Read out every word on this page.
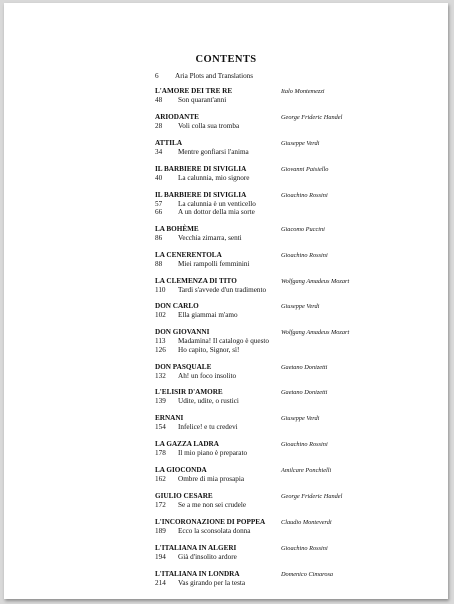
CONTENTS
6 Aria Plots and Translations
L'AMORE DEI TRE RE	Italo Montemezzi
48 Son quarant'anni
ARIODANTE	George Frideric Handel
28 Voli colla sua tromba
ATTILA	Giuseppe Verdi
34 Mentre gonfiarsi l'anima
IL BARBIERE DI SIVIGLIA	Giovanni Paisiello
40 La calunnia, mio signore
IL BARBIERE DI SIVIGLIA	Gioachino Rossini
57 La calunnia è un venticello
66 A un dottor della mia sorte
LA BOHÈME	Giacomo Puccini
86 Vecchia zimarra, senti
LA CENERENTOLA	Gioachino Rossini
88 Miei rampolli femminini
LA CLEMENZA DI TITO	Wolfgang Amadeus Mozart
110 Tardi s'avvede d'un tradimento
DON CARLO	Giuseppe Verdi
102 Ella giammai m'amo
DON GIOVANNI	Wolfgang Amadeus Mozart
113 Madamina! Il catalogo è questo
126 Ho capito, Signor, sì!
DON PASQUALE	Gaetano Donizetti
132 Ah! un foco insolito
L'ELISIR D'AMORE	Gaetano Donizetti
139 Udite, udite, o rustici
ERNANI	Giuseppe Verdi
154 Infelice! e tu credevi
LA GAZZA LADRA	Gioachino Rossini
178 Il mio piano è preparato
LA GIOCONDA	Amilcare Ponchielli
162 Ombre di mia prosapia
GIULIO CESARE	George Frideric Handel
172 Se a me non sei crudele
L'INCORONAZIONE DI POPPEA	Claudio Monteverdi
189 Ecco la sconsolata donna
L'ITALIANA IN ALGERI	Gioachino Rossini
194 Già d'insolito ardore
L'ITALIANA IN LONDRA	Domenico Cimarosa
214 Vas girando per la testa
